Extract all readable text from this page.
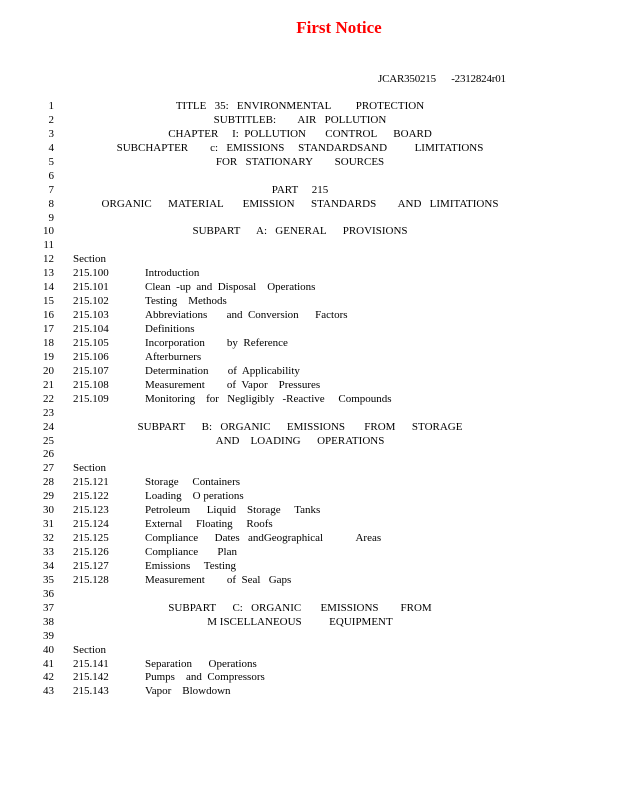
First Notice
JCAR350215      -2312824r01
1	TITLE   35:   ENVIRONMENTAL         PROTECTION
2	SUBTITLEB:        AIR   POLLUTION
3	CHAPTER     I:  POLLUTION       CONTROL      BOARD
4	SUBCHAPTER        c:   EMISSIONS     STANDARDSAND          LIMITATIONS
5	FOR   STATIONARY        SOURCES
6
7	PART     215
8	ORGANIC      MATERIAL       EMISSION      STANDARDS        AND   LIMITATIONS
9
10	SUBPART      A:   GENERAL      PROVISIONS
11
12 Section
13 215.100	Introduction
14 215.101	Clean  -up  and  Disposal    Operations
15 215.102	Testing    Methods
16 215.103	Abbreviations       and  Conversion      Factors
17 215.104	Definitions
18 215.105	Incorporation        by  Reference
19 215.106	Afterburners
20 215.107	Determination       of  Applicability
21 215.108	Measurement        of  Vapor    Pressures
22 215.109	Monitoring    for   Negligibly   -Reactive     Compounds
23
24	SUBPART      B:   ORGANIC      EMISSIONS       FROM      STORAGE
25	AND    LOADING      OPERATIONS
26
27 Section
28 215.121	Storage     Containers
29 215.122	Loading    O perations
30 215.123	Petroleum      Liquid    Storage     Tanks
31 215.124	External     Floating     Roofs
32 215.125	Compliance      Dates   andGeographical            Areas
33 215.126	Compliance       Plan
34 215.127	Emissions     Testing
35 215.128	Measurement        of  Seal   Gaps
36
37	SUBPART      C:   ORGANIC       EMISSIONS        FROM
38	M ISCELLANEOUS          EQUIPMENT
39
40 Section
41 215.141	Separation      Operations
42 215.142	Pumps    and  Compressors
43 215.143	Vapor    Blowdown
